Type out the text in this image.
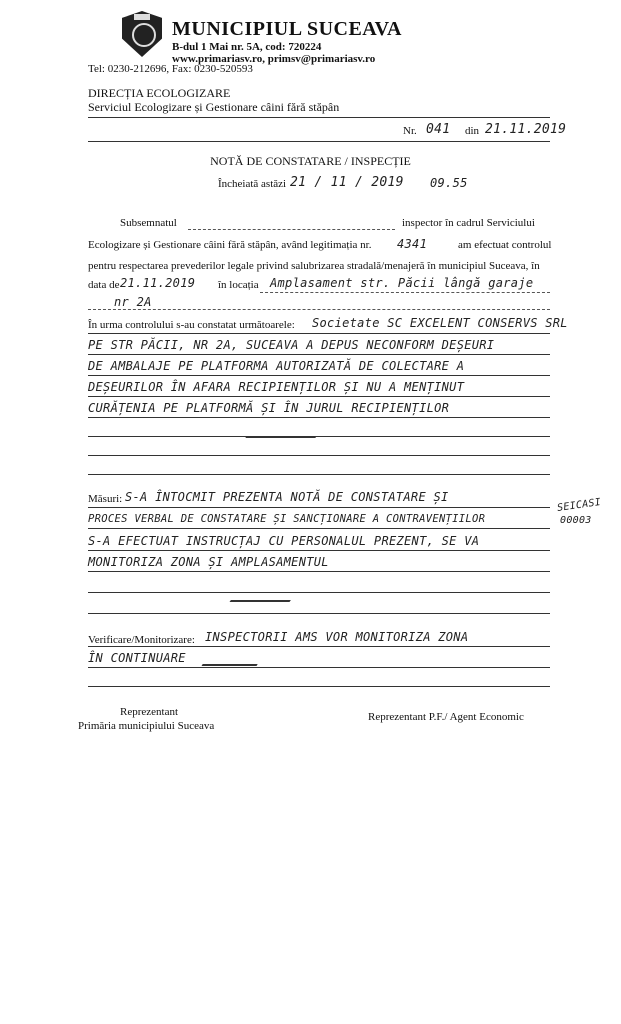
MUNICIPIUL SUCEAVA
B-dul 1 Mai nr. 5A, cod: 720224
www.primariasv.ro, primsv@primariasv.ro
Tel: 0230-212696, Fax: 0230-520593
DIRECȚIA ECOLOGIZARE
Serviciul Ecologizare și Gestionare câini fără stăpân
Nr. 041 din 21.11.2019
NOTĂ DE CONSTATARE / INSPECȚIE
Încheiată astăzi 21 / 11 / 2019 09.55
Subsemnatul	inspector în cadrul Serviciului
Ecologizare și Gestionare câini fără stăpân, având legitimația nr. 4341	am efectuat controlul
pentru respectarea prevederilor legale privind salubrizarea stradală/menajeră în municipiul Suceava, în
data de 21.11.2019 în locația Amplasament str. Păcii lângă garaje
nr 2A
În urma controlului s-au constatat următoarele: Societate SC EXCELENT CONSERVS SRL
PE STR PĂCII, NR 2A, SUCEAVA A DEPUS NECONFORM DEȘEURI
DE AMBALAJE PE PLATFORMA AUTORIZATĂ DE COLECTARE A
DEȘEURILOR ÎN AFARA RECIPIENȚILOR ȘI NU A MENȚINUT
CURĂȚENIA PE PLATFORMĂ ȘI ÎN JURUL RECIPIENȚILOR
Măsuri: S-A ÎNTOCMIT PREZENTA NOTĂ DE CONSTATARE ȘI
PROCES VERBAL DE CONSTATARE ȘI SANCȚIONARE A CONTRAVENȚIILOR
SEICASI
00003
S-A EFECTUAT INSTRUCȚAJ CU PERSONALUL PREZENT, SE VA
MONITORIZA ZONA ȘI AMPLASAMENTUL
Verificare/Monitorizare: INSPECTORII AMS VOR MONITORIZA ZONA
ÎN CONTINUARE
Reprezentant
Primăria municipiului Suceava
Reprezentant P.F./ Agent Economic
